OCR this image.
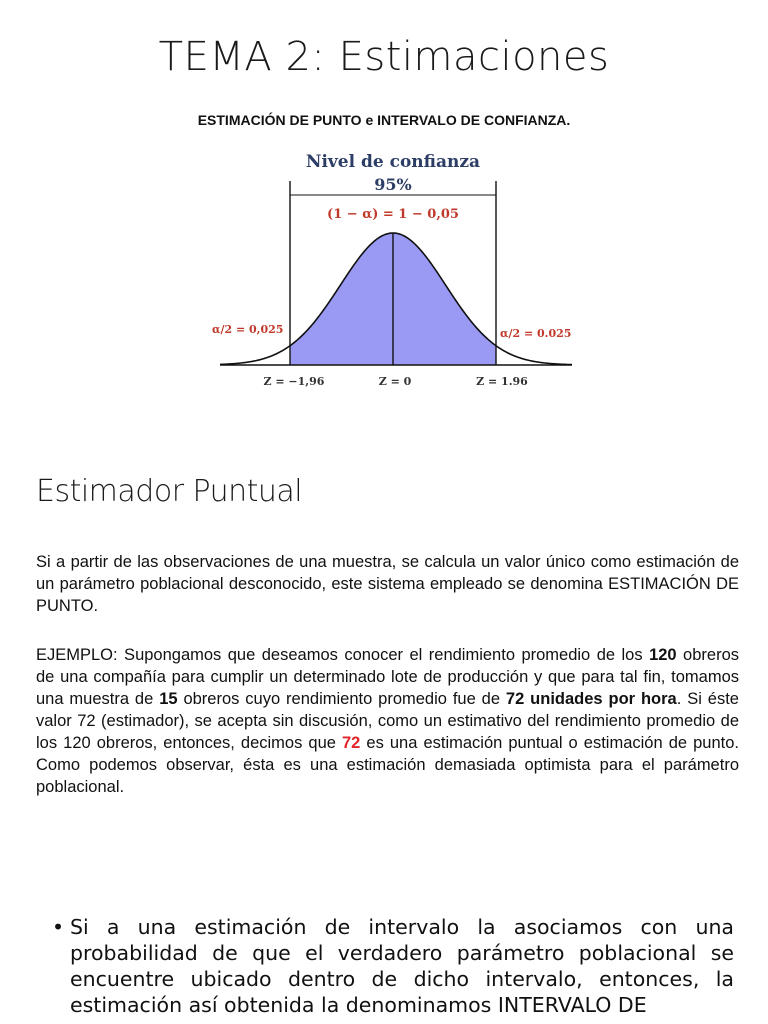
TEMA 2: Estimaciones
ESTIMACIÓN DE PUNTO e INTERVALO DE CONFIANZA.
Nivel de confianza
95%
(1 − α) = 1 − 0,05
α/2 = 0,025	α/2 = 0.025
Z = −1,96	Z = 0	Z = 1.96
Estimador Puntual
Si a partir de las observaciones de una muestra, se calcula un valor único como estimación de un parámetro poblacional desconocido, este sistema empleado se denomina ESTIMACIÓN DE PUNTO.
EJEMPLO: Supongamos que deseamos conocer el rendimiento promedio de los 120 obreros de una compañía para cumplir un determinado lote de producción y que para tal fin, tomamos una muestra de 15 obreros cuyo rendimiento promedio fue de 72 unidades por hora. Si éste valor 72 (estimador), se acepta sin discusión, como un estimativo del rendimiento promedio de los 120 obreros, entonces, decimos que 72 es una estimación puntual o estimación de punto. Como podemos observar, ésta es una estimación demasiada optimista para el parámetro poblacional.
• Si a una estimación de intervalo la asociamos con una probabilidad de que el verdadero parámetro poblacional se encuentre ubicado dentro de dicho intervalo, entonces, la estimación así obtenida la denominamos INTERVALO DE
